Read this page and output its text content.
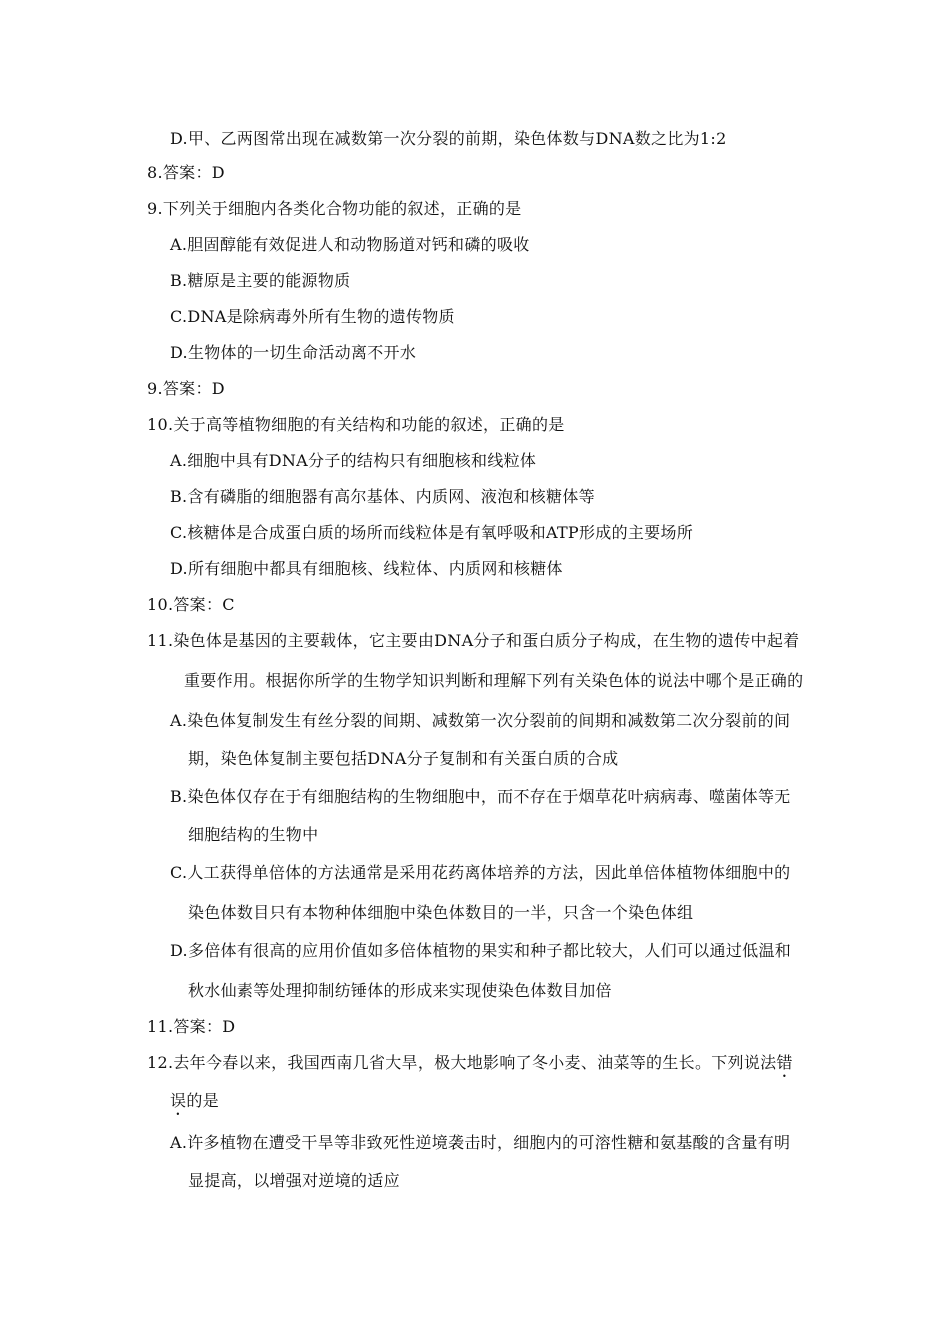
D.甲、乙两图常出现在减数第一次分裂的前期，染色体数与DNA数之比为1:2
8.答案：D
9.下列关于细胞内各类化合物功能的叙述，正确的是
A.胆固醇能有效促进人和动物肠道对钙和磷的吸收
B.糖原是主要的能源物质
C.DNA是除病毒外所有生物的遗传物质
D.生物体的一切生命活动离不开水
9.答案：D
10.关于高等植物细胞的有关结构和功能的叙述，正确的是
A.细胞中具有DNA分子的结构只有细胞核和线粒体
B.含有磷脂的细胞器有高尔基体、内质网、液泡和核糖体等
C.核糖体是合成蛋白质的场所而线粒体是有氧呼吸和ATP形成的主要场所
D.所有细胞中都具有细胞核、线粒体、内质网和核糖体
10.答案：C
11.染色体是基因的主要载体，它主要由DNA分子和蛋白质分子构成，在生物的遗传中起着
重要作用。根据你所学的生物学知识判断和理解下列有关染色体的说法中哪个是正确的
A.染色体复制发生有丝分裂的间期、减数第一次分裂前的间期和减数第二次分裂前的间
期，染色体复制主要包括DNA分子复制和有关蛋白质的合成
B.染色体仅存在于有细胞结构的生物细胞中，而不存在于烟草花叶病病毒、噬菌体等无
细胞结构的生物中
C.人工获得单倍体的方法通常是采用花药离体培养的方法，因此单倍体植物体细胞中的
染色体数目只有本物种体细胞中染色体数目的一半，只含一个染色体组
D.多倍体有很高的应用价值如多倍体植物的果实和种子都比较大，人们可以通过低温和
秋水仙素等处理抑制纺锤体的形成来实现使染色体数目加倍
11.答案：D
12.去年今春以来，我国西南几省大旱，极大地影响了冬小麦、油菜等的生长。下列说法错
误的是
A.许多植物在遭受干旱等非致死性逆境袭击时，细胞内的可溶性糖和氨基酸的含量有明
显提高，以增强对逆境的适应
